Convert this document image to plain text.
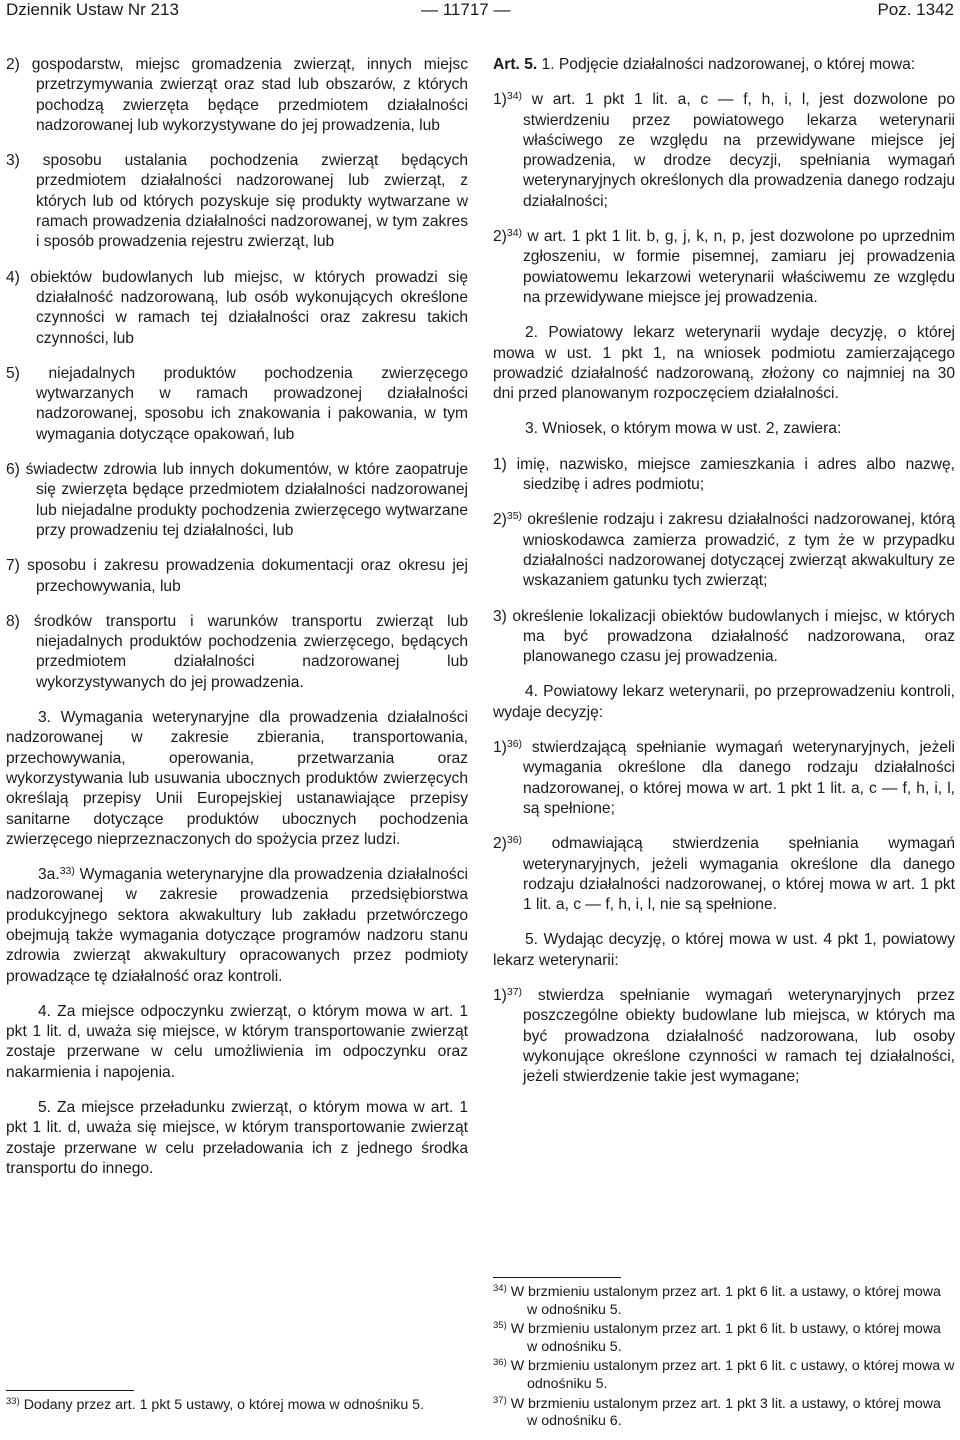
Dziennik Ustaw Nr 213	— 11717 —	Poz. 1342
2) gospodarstw, miejsc gromadzenia zwierząt, innych miejsc przetrzymywania zwierząt oraz stad lub obszarów, z których pochodzą zwierzęta będące przedmiotem działalności nadzorowanej lub wykorzystywane do jej prowadzenia, lub
3) sposobu ustalania pochodzenia zwierząt będących przedmiotem działalności nadzorowanej lub zwierząt, z których lub od których pozyskuje się produkty wytwarzane w ramach prowadzenia działalności nadzorowanej, w tym zakres i sposób prowadzenia rejestru zwierząt, lub
4) obiektów budowlanych lub miejsc, w których prowadzi się działalność nadzorowaną, lub osób wykonujących określone czynności w ramach tej działalności oraz zakresu takich czynności, lub
5) niejadalnych produktów pochodzenia zwierzęcego wytwarzanych w ramach prowadzonej działalności nadzorowanej, sposobu ich znakowania i pakowania, w tym wymagania dotyczące opakowań, lub
6) świadectw zdrowia lub innych dokumentów, w które zaopatruje się zwierzęta będące przedmiotem działalności nadzorowanej lub niejadalne produkty pochodzenia zwierzęcego wytwarzane przy prowadzeniu tej działalności, lub
7) sposobu i zakresu prowadzenia dokumentacji oraz okresu jej przechowywania, lub
8) środków transportu i warunków transportu zwierząt lub niejadalnych produktów pochodzenia zwierzęcego, będących przedmiotem działalności nadzorowanej lub wykorzystywanych do jej prowadzenia.

3. Wymagania weterynaryjne dla prowadzenia działalności nadzorowanej w zakresie zbierania, transportowania, przechowywania, operowania, przetwarzania oraz wykorzystywania lub usuwania ubocznych produktów zwierzęcych określają przepisy Unii Europejskiej ustanawiające przepisy sanitarne dotyczące produktów ubocznych pochodzenia zwierzęcego nieprzeznaczonych do spożycia przez ludzi.

3a.$^{33)}$ Wymagania weterynaryjne dla prowadzenia działalności nadzorowanej w zakresie prowadzenia przedsiębiorstwa produkcyjnego sektora akwakultury lub zakładu przetwórczego obejmują także wymagania dotyczące programów nadzoru stanu zdrowia zwierząt akwakultury opracowanych przez podmioty prowadzące tę działalność oraz kontroli.

4. Za miejsce odpoczynku zwierząt, o którym mowa w art. 1 pkt 1 lit. d, uważa się miejsce, w którym transportowanie zwierząt zostaje przerwane w celu umożliwienia im odpoczynku oraz nakarmienia i napojenia.

5. Za miejsce przeładunku zwierząt, o którym mowa w art. 1 pkt 1 lit. d, uważa się miejsce, w którym transportowanie zwierząt zostaje przerwane w celu przeładowania ich z jednego środka transportu do innego.

$^{33)}$ Dodany przez art. 1 pkt 5 ustawy, o której mowa w odnośniku 5.

Art. 5. 1. Podjęcie działalności nadzorowanej, o której mowa:

1)$^{34)}$ w art. 1 pkt 1 lit. a, c — f, h, i, l, jest dozwolone po stwierdzeniu przez powiatowego lekarza weterynarii właściwego ze względu na przewidywane miejsce jej prowadzenia, w drodze decyzji, spełniania wymagań weterynaryjnych określonych dla prowadzenia danego rodzaju działalności;
2)$^{34)}$ w art. 1 pkt 1 lit. b, g, j, k, n, p, jest dozwolone po uprzednim zgłoszeniu, w formie pisemnej, zamiaru jej prowadzenia powiatowemu lekarzowi weterynarii właściwemu ze względu na przewidywane miejsce jej prowadzenia.

2. Powiatowy lekarz weterynarii wydaje decyzję, o której mowa w ust. 1 pkt 1, na wniosek podmiotu zamierzającego prowadzić działalność nadzorowaną, złożony co najmniej na 30 dni przed planowanym rozpoczęciem działalności.

3. Wniosek, o którym mowa w ust. 2, zawiera:

1) imię, nazwisko, miejsce zamieszkania i adres albo nazwę, siedzibę i adres podmiotu;
2)$^{35)}$ określenie rodzaju i zakresu działalności nadzorowanej, którą wnioskodawca zamierza prowadzić, z tym że w przypadku działalności nadzorowanej dotyczącej zwierząt akwakultury ze wskazaniem gatunku tych zwierząt;
3) określenie lokalizacji obiektów budowlanych i miejsc, w których ma być prowadzona działalność nadzorowana, oraz planowanego czasu jej prowadzenia.

4. Powiatowy lekarz weterynarii, po przeprowadzeniu kontroli, wydaje decyzję:

1)$^{36)}$ stwierdzającą spełnianie wymagań weterynaryjnych, jeżeli wymagania określone dla danego rodzaju działalności nadzorowanej, o której mowa w art. 1 pkt 1 lit. a, c — f, h, i, l, są spełnione;
2)$^{36)}$ odmawiającą stwierdzenia spełniania wymagań weterynaryjnych, jeżeli wymagania określone dla danego rodzaju działalności nadzorowanej, o której mowa w art. 1 pkt 1 lit. a, c — f, h, i, l, nie są spełnione.

5. Wydając decyzję, o której mowa w ust. 4 pkt 1, powiatowy lekarz weterynarii:

1)$^{37)}$ stwierdza spełnianie wymagań weterynaryjnych przez poszczególne obiekty budowlane lub miejsca, w których ma być prowadzona działalność nadzorowana, lub osoby wykonujące określone czynności w ramach tej działalności, jeżeli stwierdzenie takie jest wymagane;
$^{34)}$ W brzmieniu ustalonym przez art. 1 pkt 6 lit. a ustawy, o której mowa w odnośniku 5.
$^{35)}$ W brzmieniu ustalonym przez art. 1 pkt 6 lit. b ustawy, o której mowa w odnośniku 5.
$^{36)}$ W brzmieniu ustalonym przez art. 1 pkt 6 lit. c ustawy, o której mowa w odnośniku 5.
$^{37)}$ W brzmieniu ustalonym przez art. 1 pkt 3 lit. a ustawy, o której mowa w odnośniku 6.
